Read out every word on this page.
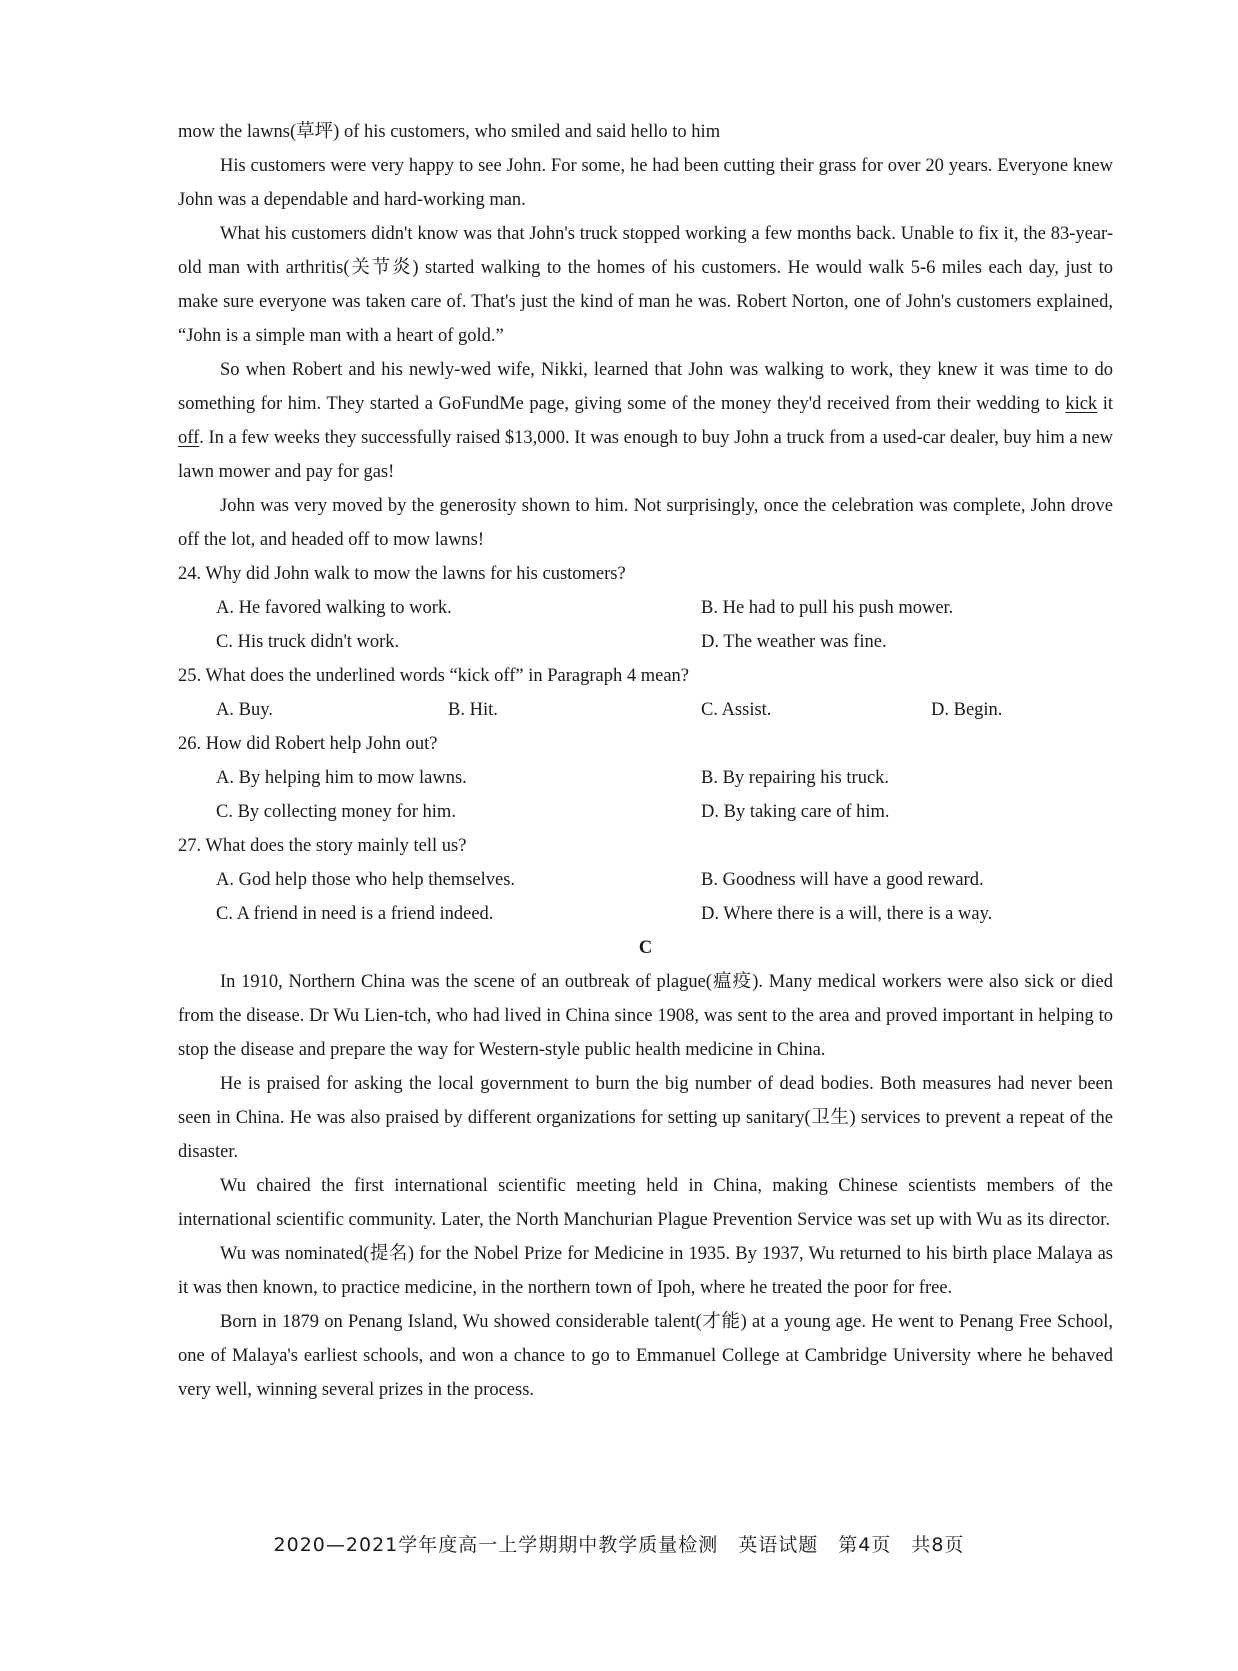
mow the lawns(草坪) of his customers, who smiled and said hello to him

His customers were very happy to see John. For some, he had been cutting their grass for over 20 years. Everyone knew John was a dependable and hard-working man.

What his customers didn't know was that John's truck stopped working a few months back. Unable to fix it, the 83-year-old man with arthritis(关节炎) started walking to the homes of his customers. He would walk 5-6 miles each day, just to make sure everyone was taken care of. That's just the kind of man he was. Robert Norton, one of John's customers explained, “John is a simple man with a heart of gold.”

So when Robert and his newly-wed wife, Nikki, learned that John was walking to work, they knew it was time to do something for him. They started a GoFundMe page, giving some of the money they'd received from their wedding to kick it off. In a few weeks they successfully raised $13,000. It was enough to buy John a truck from a used-car dealer, buy him a new lawn mower and pay for gas!

John was very moved by the generosity shown to him. Not surprisingly, once the celebration was complete, John drove off the lot, and headed off to mow lawns!

24. Why did John walk to mow the lawns for his customers?
A. He favored walking to work.	B. He had to pull his push mower.
C. His truck didn't work.	D. The weather was fine.
25. What does the underlined words “kick off” in Paragraph 4 mean?
A. Buy.	B. Hit.	C. Assist.	D. Begin.
26. How did Robert help John out?
A. By helping him to mow lawns.	B. By repairing his truck.
C. By collecting money for him.	D. By taking care of him.
27. What does the story mainly tell us?
A. God help those who help themselves.	B. Goodness will have a good reward.
C. A friend in need is a friend indeed.	D. Where there is a will, there is a way.
C

In 1910, Northern China was the scene of an outbreak of plague(瘟疫). Many medical workers were also sick or died from the disease. Dr Wu Lien-tch, who had lived in China since 1908, was sent to the area and proved important in helping to stop the disease and prepare the way for Western-style public health medicine in China.

He is praised for asking the local government to burn the big number of dead bodies. Both measures had never been seen in China. He was also praised by different organizations for setting up sanitary(卫生) services to prevent a repeat of the disaster.

Wu chaired the first international scientific meeting held in China, making Chinese scientists members of the international scientific community. Later, the North Manchurian Plague Prevention Service was set up with Wu as its director.

Wu was nominated(提名) for the Nobel Prize for Medicine in 1935. By 1937, Wu returned to his birth place Malaya as it was then known, to practice medicine, in the northern town of Ipoh, where he treated the poor for free.

Born in 1879 on Penang Island, Wu showed considerable talent(才能) at a young age. He went to Penang Free School, one of Malaya's earliest schools, and won a chance to go to Emmanuel College at Cambridge University where he behaved very well, winning several prizes in the process.

2020—2021学年度高一上学期期中教学质量检测　英语试题　第4页　共8页
